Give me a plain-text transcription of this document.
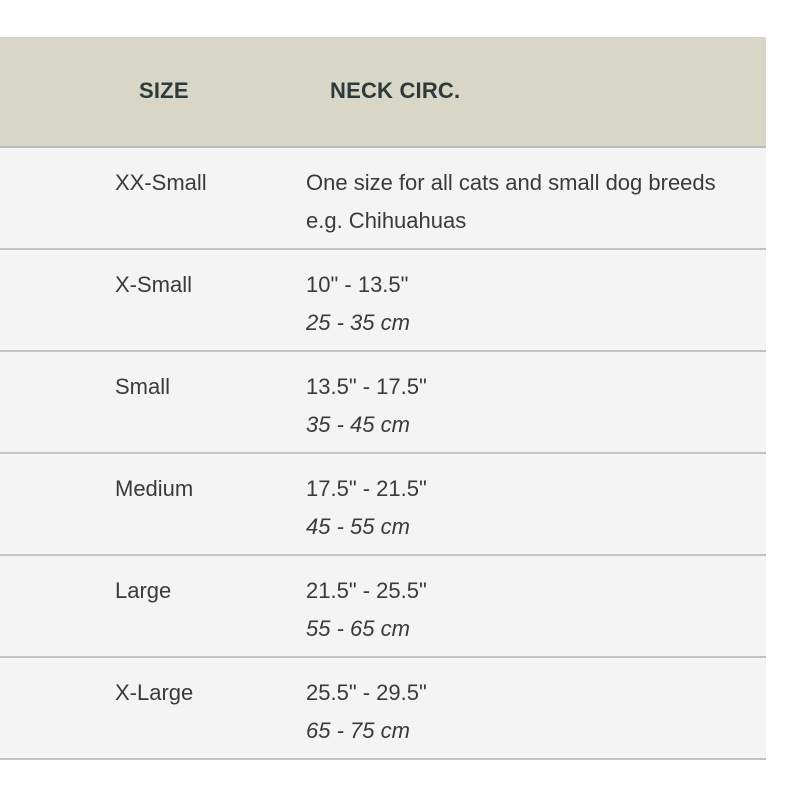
SIZE	NECK CIRC.
XX-Small	One size for all cats and small dog breeds
e.g. Chihuahuas
X-Small	10" - 13.5"
25 - 35 cm
Small	13.5" - 17.5"
35 - 45 cm
Medium	17.5" - 21.5"
45 - 55 cm
Large	21.5" - 25.5"
55 - 65 cm
X-Large	25.5" - 29.5"
65 - 75 cm
